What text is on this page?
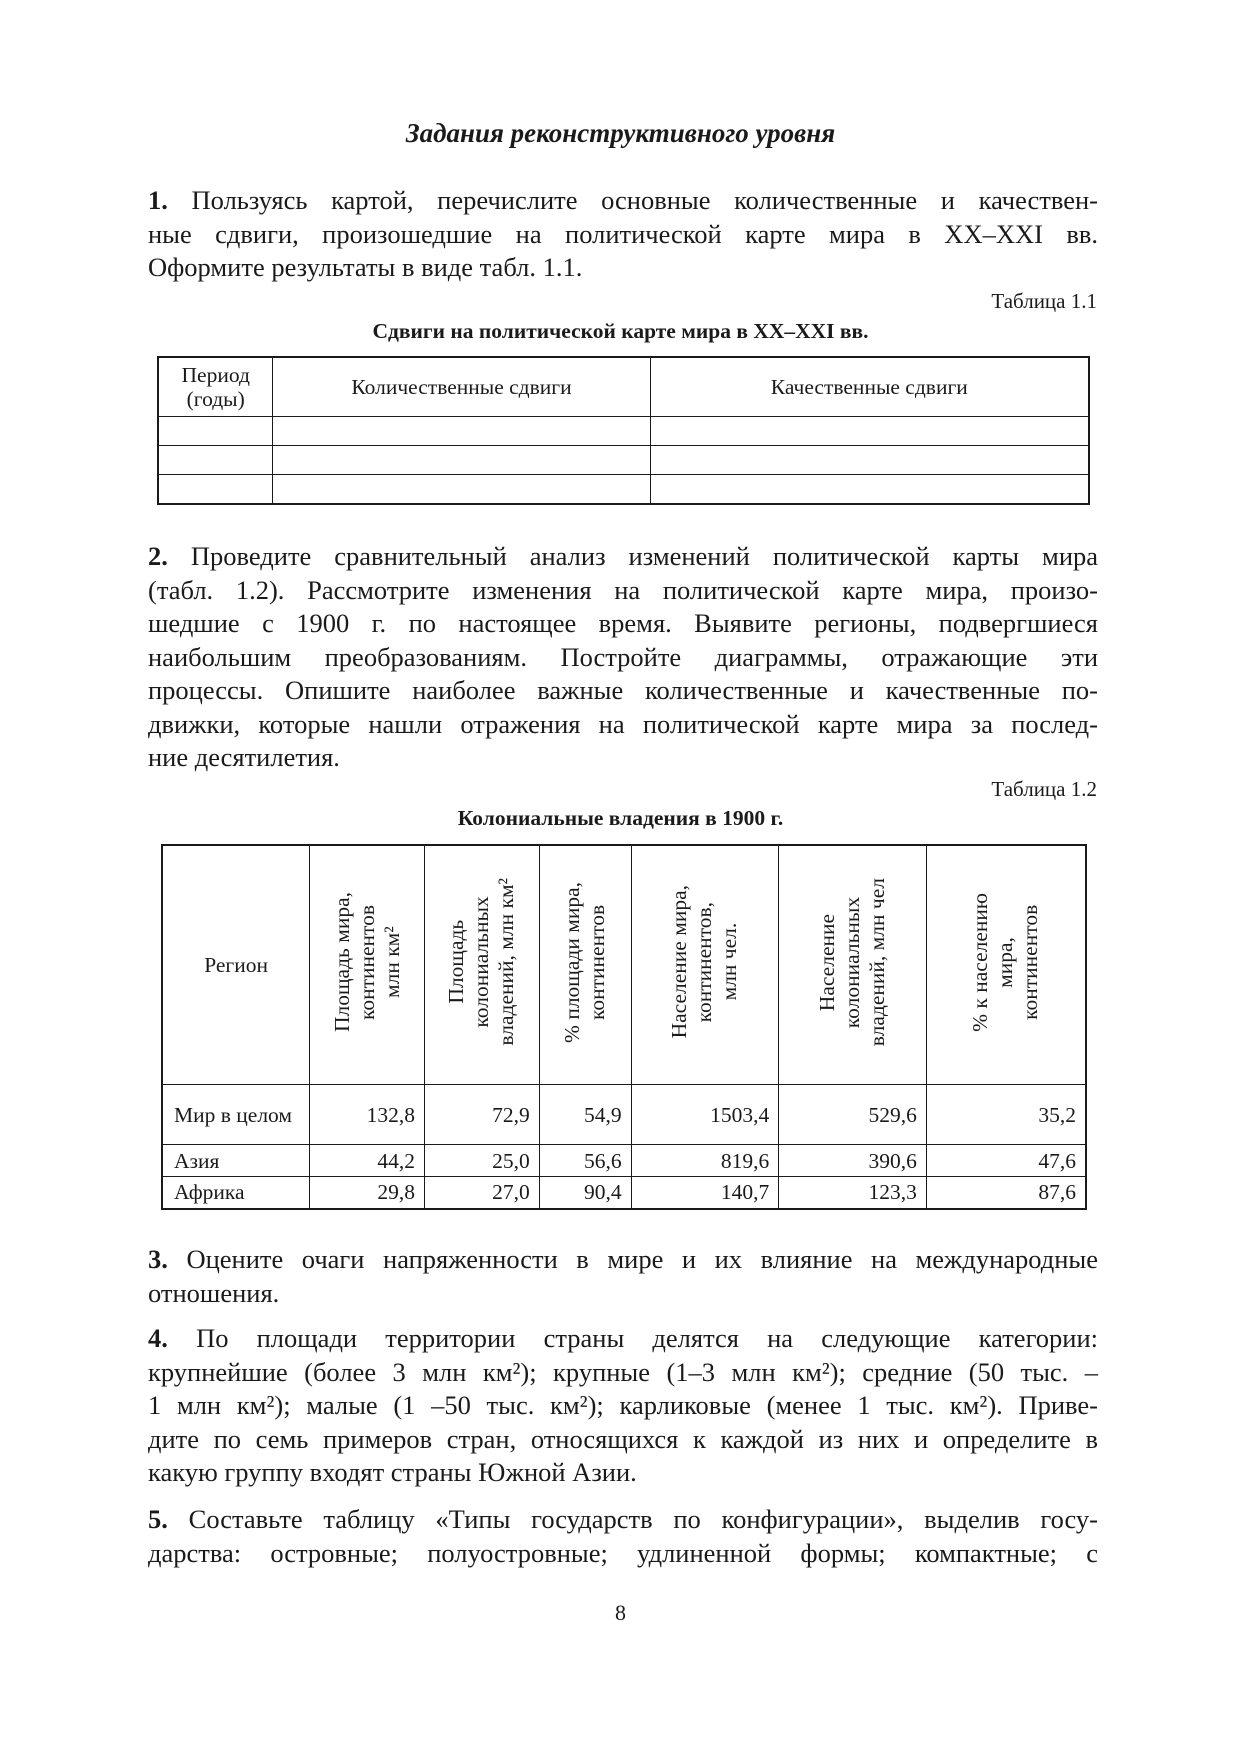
Задания реконструктивного уровня
1. Пользуясь картой, перечислите основные количественные и качествен-
ные сдвиги, произошедшие на политической карте мира в XX–XXI вв.
Оформите результаты в виде табл. 1.1.
Таблица 1.1
Сдвиги на политической карте мира в XX–XXI вв.
Период (годы)	Количественные сдвиги	Качественные сдвиги

2. Проведите сравнительный анализ изменений политической карты мира
(табл. 1.2). Рассмотрите изменения на политической карте мира, произо-
шедшие с 1900 г. по настоящее время. Выявите регионы, подвергшиеся
наибольшим преобразованиям. Постройте диаграммы, отражающие эти
процессы. Опишите наиболее важные количественные и качественные по-
движки, которые нашли отражения на политической карте мира за послед-
ние десятилетия.
Таблица 1.2
Колониальные владения в 1900 г.
Регион	Площадь мира,
континентов
млн км²	Площадь
колониальных
владений, млн км²	% площади мира,
континентов	Население мира,
континентов,
млн чел.	Население
колониальных
владений, млн чел	% к населению
мира,
континентов
Мир в целом	132,8	72,9	54,9	1503,4	529,6	35,2
Азия	44,2	25,0	56,6	819,6	390,6	47,6
Африка	29,8	27,0	90,4	140,7	123,3	87,6
3. Оцените очаги напряженности в мире и их влияние на международные
отношения.
4. По площади территории страны делятся на следующие категории:
крупнейшие (более 3 млн км²); крупные (1–3 млн км²); средние (50 тыс. –
1 млн км²); малые (1 –50 тыс. км²); карликовые (менее 1 тыс. км²). Приве-
дите по семь примеров стран, относящихся к каждой из них и определите в
какую группу входят страны Южной Азии.
5. Составьте таблицу «Типы государств по конфигурации», выделив госу-
дарства: островные; полуостровные; удлиненной формы; компактные; с
8
